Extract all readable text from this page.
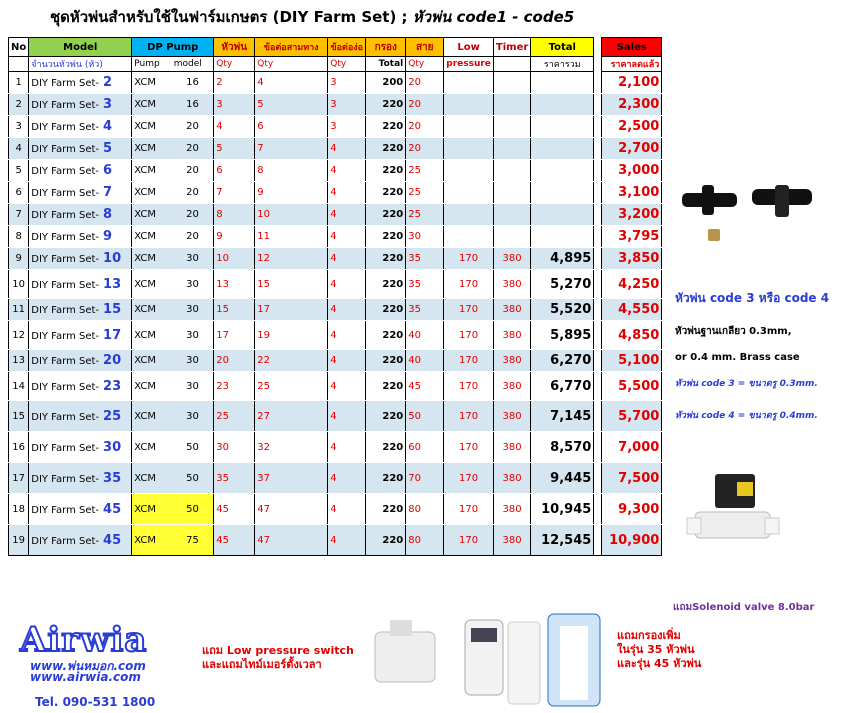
ชุดหัวพ่นสำหรับใช้ในฟาร์มเกษตร (DIY Farm Set) ; หัวพ่น code1 - code5
No	Model	DP Pump		หัวพ่น	ข้อต่อสามทาง	ข้อต่อง่อ	กรอง	สาย	Low	Timer	Total		Sales
	จำนวนหัวพ่น (หัว)	Pump	model	Qty	Qty	Qty	Total	Qty	pressure		ราคารวม		ราคาลดแล้ว
1	DIY Farm Set- 2	XCM	16	2	4	3	200	20					2,100
2	DIY Farm Set- 3	XCM	16	3	5	3	220	20					2,300
3	DIY Farm Set- 4	XCM	20	4	6	3	220	20					2,500
4	DIY Farm Set- 5	XCM	20	5	7	4	220	20					2,700
5	DIY Farm Set- 6	XCM	20	6	8	4	220	25					3,000
6	DIY Farm Set- 7	XCM	20	7	9	4	220	25					3,100
7	DIY Farm Set- 8	XCM	20	8	10	4	220	25					3,200
8	DIY Farm Set- 9	XCM	20	9	11	4	220	30					3,795
9	DIY Farm Set- 10	XCM	30	10	12	4	220	35	170	380	4,895		3,850
10	DIY Farm Set- 13	XCM	30	13	15	4	220	35	170	380	5,270		4,250
11	DIY Farm Set- 15	XCM	30	15	17	4	220	35	170	380	5,520		4,550
12	DIY Farm Set- 17	XCM	30	17	19	4	220	40	170	380	5,895		4,850
13	DIY Farm Set- 20	XCM	30	20	22	4	220	40	170	380	6,270		5,100
14	DIY Farm Set- 23	XCM	30	23	25	4	220	45	170	380	6,770		5,500
15	DIY Farm Set- 25	XCM	30	25	27	4	220	50	170	380	7,145		5,700
16	DIY Farm Set- 30	XCM	50	30	32	4	220	60	170	380	8,570		7,000
17	DIY Farm Set- 35	XCM	50	35	37	4	220	70	170	380	9,445		7,500
18	DIY Farm Set- 45	XCM	50	45	47	4	220	80	170	380	10,945		9,300
19	DIY Farm Set- 45	XCM	75	45	47	4	220	80	170	380	12,545		10,900
หัวพ่น code 3 หรือ code 4
หัวพ่นฐานเกลียว 0.3mm,
or 0.4 mm. Brass case
หัวพ่น code 3 = ขนาดรู 0.3mm.
หัวพ่น code 4 = ขนาดรู 0.4mm.
แถมSolenoid valve 8.0bar
Airwia
www.พ่นหมอก.com
www.airwia.com
Tel. 090-531 1800
แถม Low pressure switch
และแถมไทม์เมอร์ตั้งเวลา
แถมกรองเพิ่ม
ในรุ่น 35 หัวพ่น
และรุ่น 45 หัวพ่น
